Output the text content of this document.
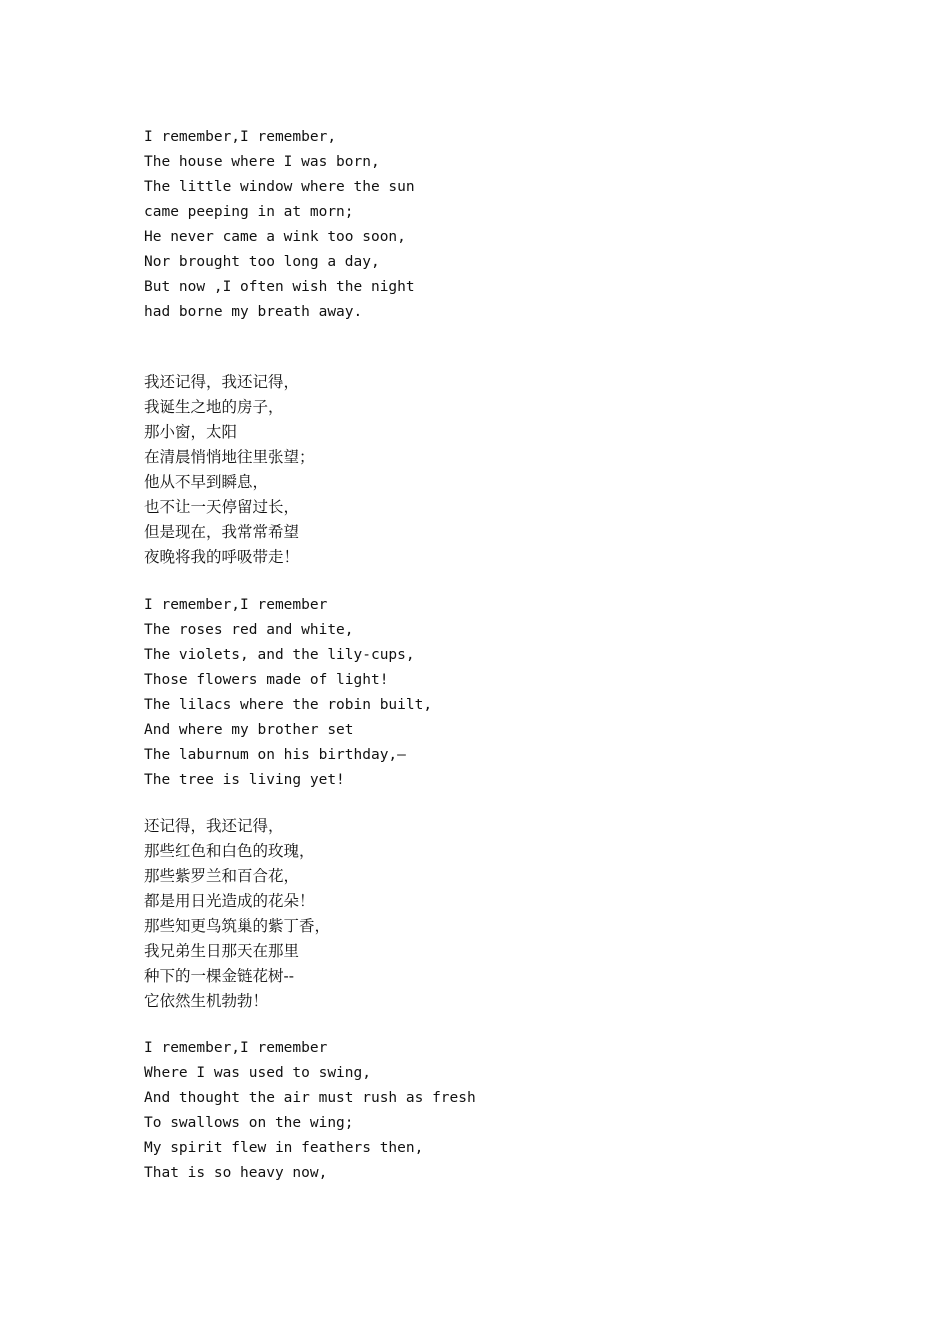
I remember,I remember,
The house where I was born,
The little window where the sun
came peeping in at morn;
He never came a wink too soon,
Nor brought too long a day,
But now ,I often wish the night
had borne my breath away.
我还记得，我还记得，
我诞生之地的房子，
那小窗，太阳
在清晨悄悄地往里张望；
他从不早到瞬息，
也不让一天停留过长，
但是现在，我常常希望
夜晚将我的呼吸带走！
I remember,I remember
The roses red and white,
The violets, and the lily-cups,
Those flowers made of light!
The lilacs where the robin built,
And where my brother set
The laburnum on his birthday,—
The tree is living yet!
还记得，我还记得，
那些红色和白色的玫瑰，
那些紫罗兰和百合花，
都是用日光造成的花朵！
那些知更鸟筑巢的紫丁香，
我兄弟生日那天在那里
种下的一棵金链花树--
它依然生机勃勃！
I remember,I remember
Where I was used to swing,
And thought the air must rush as fresh
To swallows on the wing;
My spirit flew in feathers then,
That is so heavy now,
